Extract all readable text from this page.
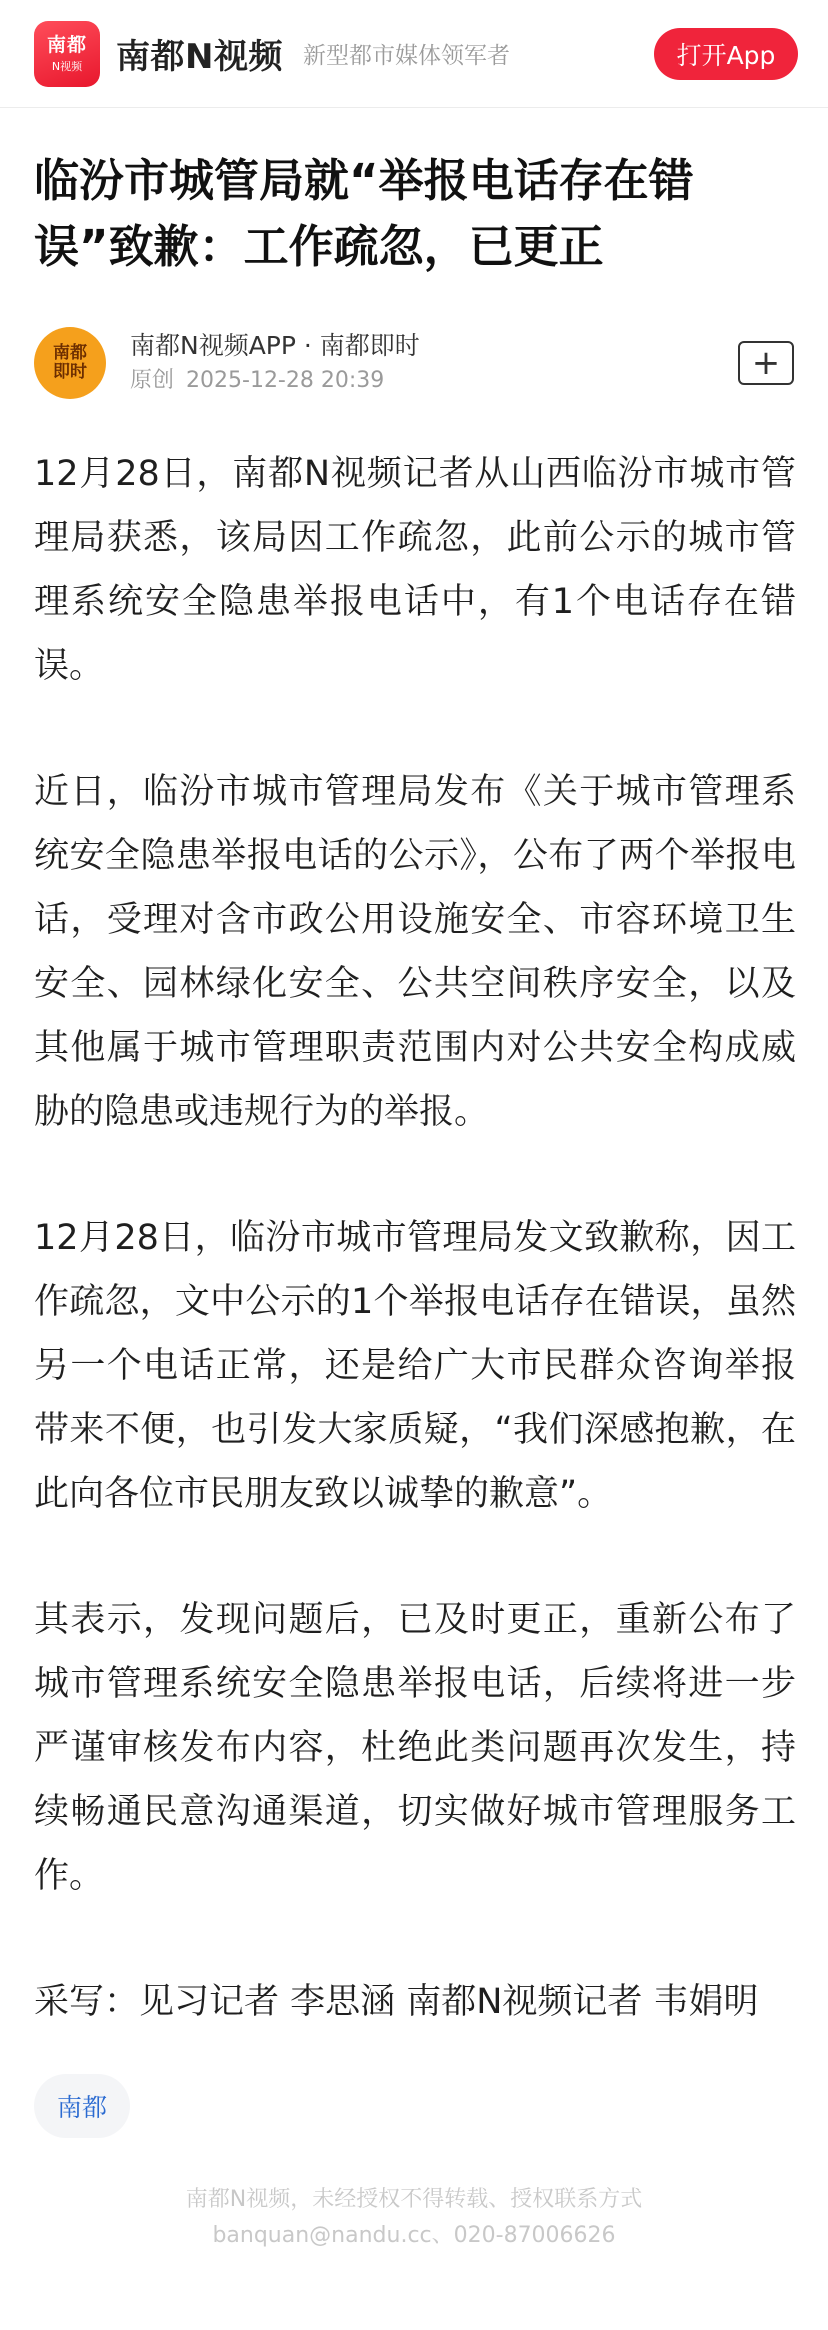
南都
N视频 南都N视频 新型都市媒体领军者	打开App
临汾市城管局就“举报电话存在错误”致歉：工作疏忽，已更正
南都
即时
南都N视频APP · 南都即时
原创 2025-12-28 20:39	+

12月28日，南都N视频记者从山西临汾市城市管理局获悉，该局因工作疏忽，此前公示的城市管理系统安全隐患举报电话中，有1个电话存在错误。

近日，临汾市城市管理局发布《关于城市管理系统安全隐患举报电话的公示》，公布了两个举报电话，受理对含市政公用设施安全、市容环境卫生安全、园林绿化安全、公共空间秩序安全，以及其他属于城市管理职责范围内对公共安全构成威胁的隐患或违规行为的举报。

12月28日，临汾市城市管理局发文致歉称，因工作疏忽，文中公示的1个举报电话存在错误，虽然另一个电话正常，还是给广大市民群众咨询举报带来不便，也引发大家质疑，“我们深感抱歉，在此向各位市民朋友致以诚挚的歉意”。

其表示，发现问题后，已及时更正，重新公布了城市管理系统安全隐患举报电话，后续将进一步严谨审核发布内容，杜绝此类问题再次发生，持续畅通民意沟通渠道，切实做好城市管理服务工作。

采写：见习记者 李思涵 南都N视频记者 韦娟明

南都
南都N视频，未经授权不得转载、授权联系方式
banquan@nandu.cc、020-87006626
